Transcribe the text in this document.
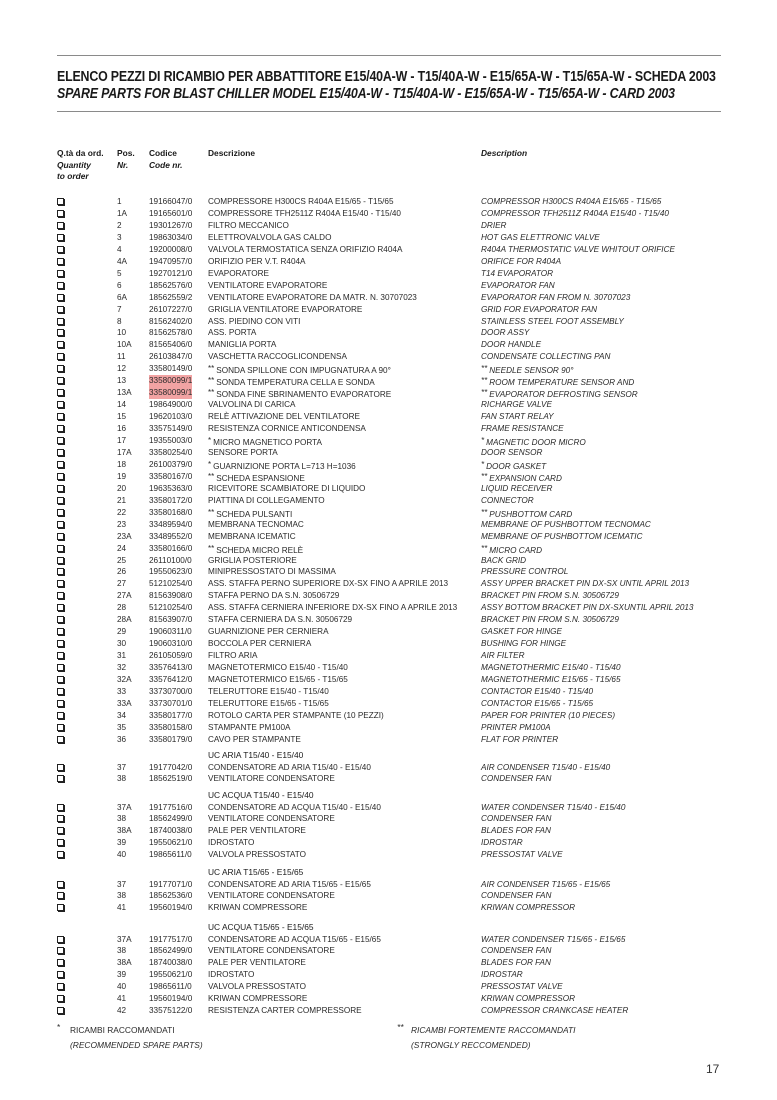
ELENCO PEZZI DI RICAMBIO PER ABBATTITORE E15/40A-W - T15/40A-W - E15/65A-W - T15/65A-W - SCHEDA 2003
SPARE PARTS FOR BLAST CHILLER MODEL E15/40A-W - T15/40A-W - E15/65A-W - T15/65A-W - CARD 2003
Q.tà da ord.
Quantity
to order
Pos.
Nr.
Codice
Code nr.
Descrizione	Description
1	19166047/0 COMPRESSORE H300CS R404A E15/65 - T15/65	COMPRESSOR H300CS R404A E15/65 - T15/65
1A	19165601/0 COMPRESSORE TFH2511Z R404A E15/40 - T15/40	COMPRESSOR TFH2511Z R404A E15/40 - T15/40
2	19301267/0 FILTRO MECCANICO	DRIER
3	19863034/0 ELETTROVALVOLA GAS CALDO	HOT GAS ELETTRONIC VALVE
4	19200008/0 VALVOLA TERMOSTATICA SENZA ORIFIZIO R404A	R404A THERMOSTATIC VALVE WHITOUT ORIFICE
4A	19470957/0 ORIFIZIO PER V.T. R404A	ORIFICE FOR R404A
5	19270121/0 EVAPORATORE	T14 EVAPORATOR
6	18562576/0 VENTILATORE EVAPORATORE	EVAPORATOR FAN
6A	18562559/2 VENTILATORE EVAPORATORE DA MATR. N. 30707023	EVAPORATOR FAN FROM N. 30707023
7	26107227/0 GRIGLIA VENTILATORE EVAPORATORE	GRID FOR EVAPORATOR FAN
8	81562402/0 ASS. PIEDINO CON VITI	STAINLESS STEEL FOOT ASSEMBLY
10	81562578/0 ASS. PORTA	DOOR ASSY
10A 81565406/0 MANIGLIA PORTA	DOOR HANDLE
11	26103847/0 VASCHETTA RACCOGLICONDENSA	CONDENSATE COLLECTING PAN
12	33580149/0 ** SONDA SPILLONE CON IMPUGNATURA A 90°	** NEEDLE SENSOR 90°
13	33580099/1 ** SONDA TEMPERATURA CELLA E SONDA	** ROOM TEMPERATURE SENSOR AND
13A 33580099/1 ** SONDA FINE SBRINAMENTO EVAPORATORE	** EVAPORATOR DEFROSTING SENSOR
14	19864900/0 VALVOLINA DI CARICA	RICHARGE VALVE
15	19620103/0 RELÈ ATTIVAZIONE DEL VENTILATORE	FAN START RELAY
16	33575149/0 RESISTENZA CORNICE ANTICONDENSA	FRAME RESISTANCE
17	19355003/0 * MICRO MAGNETICO PORTA	* MAGNETIC DOOR MICRO
17A 33580254/0 SENSORE PORTA	DOOR SENSOR
18	26100379/0 * GUARNIZIONE PORTA L=713 H=1036	* DOOR GASKET
19	33580167/0 ** SCHEDA ESPANSIONE	** EXPANSION CARD
20	19635363/0 RICEVITORE SCAMBIATORE DI LIQUIDO	LIQUID RECEIVER
21	33580172/0 PIATTINA DI COLLEGAMENTO	CONNECTOR
22	33580168/0 ** SCHEDA PULSANTI	** PUSHBOTTOM CARD
23	33489594/0 MEMBRANA TECNOMAC	MEMBRANE OF PUSHBOTTOM TECNOMAC
23A 33489552/0 MEMBRANA ICEMATIC	MEMBRANE OF PUSHBOTTOM ICEMATIC
24	33580166/0 ** SCHEDA MICRO RELÈ	** MICRO CARD
25	26110100/0 GRIGLIA POSTERIORE	BACK GRID
26	19550623/0 MINIPRESSOSTATO DI MASSIMA	PRESSURE CONTROL
27	51210254/0 ASS. STAFFA PERNO SUPERIORE DX-SX FINO A APRILE 2013	ASSY UPPER BRACKET PIN DX-SX UNTIL APRIL 2013
27A 81563908/0 STAFFA PERNO DA S.N. 30506729	BRACKET PIN FROM S.N. 30506729
28	51210254/0 ASS. STAFFA CERNIERA INFERIORE DX-SX FINO A APRILE 2013	ASSY BOTTOM BRACKET PIN DX-SXUNTIL APRIL 2013
28A 81563907/0 STAFFA CERNIERA DA S.N. 30506729	BRACKET PIN FROM S.N. 30506729
29	19060311/0 GUARNIZIONE PER CERNIERA	GASKET FOR HINGE
30	19060310/0 BOCCOLA PER CERNIERA	BUSHING FOR HINGE
31	26105059/0 FILTRO ARIA	AIR FILTER
32	33576413/0 MAGNETOTERMICO E15/40 - T15/40	MAGNETOTHERMIC E15/40 - T15/40
32A 33576412/0 MAGNETOTERMICO E15/65 - T15/65	MAGNETOTHERMIC E15/65 - T15/65
33	33730700/0 TELERUTTORE E15/40 - T15/40	CONTACTOR E15/40 - T15/40
33A 33730701/0 TELERUTTORE E15/65 - T15/65	CONTACTOR E15/65 - T15/65
34	33580177/0 ROTOLO CARTA PER STAMPANTE (10 PEZZI)	PAPER FOR PRINTER (10 PIECES)
35	33580158/0 STAMPANTE PM100A	PRINTER PM100A
36	33580179/0 CAVO PER STAMPANTE	FLAT FOR PRINTER
UC ARIA T15/40 - E15/40
37	19177042/0 CONDENSATORE AD ARIA T15/40 - E15/40	AIR CONDENSER T15/40 - E15/40
38	18562519/0 VENTILATORE CONDENSATORE	CONDENSER FAN
UC ACQUA T15/40 - E15/40
37A 19177516/0 CONDENSATORE AD ACQUA T15/40 - E15/40	WATER CONDENSER T15/40 - E15/40
38	18562499/0 VENTILATORE CONDENSATORE	CONDENSER FAN
38A 18740038/0 PALE PER VENTILATORE	BLADES FOR FAN
39	19550621/0 IDROSTATO	IDROSTAR
40	19865611/0 VALVOLA PRESSOSTATO	PRESSOSTAT VALVE
UC ARIA T15/65 - E15/65
37	19177071/0 CONDENSATORE AD ARIA T15/65 - E15/65	AIR CONDENSER T15/65 - E15/65
38	18562536/0 VENTILATORE CONDENSATORE	CONDENSER FAN
41	19560194/0 KRIWAN COMPRESSORE	KRIWAN COMPRESSOR
UC ACQUA T15/65 - E15/65
37A 19177517/0 CONDENSATORE AD ACQUA T15/65 - E15/65	WATER CONDENSER T15/65 - E15/65
38	18562499/0 VENTILATORE CONDENSATORE	CONDENSER FAN
38A 18740038/0 PALE PER VENTILATORE	BLADES FOR FAN
39	19550621/0 IDROSTATO	IDROSTAR
40	19865611/0 VALVOLA PRESSOSTATO	PRESSOSTAT VALVE
41	19560194/0 KRIWAN COMPRESSORE	KRIWAN COMPRESSOR
42	33575122/0 RESISTENZA CARTER COMPRESSORE	COMPRESSOR CRANKCASE HEATER
* RICAMBI RACCOMANDATI
(RECOMMENDED SPARE PARTS)
** RICAMBI FORTEMENTE RACCOMANDATI
(STRONGLY RECCOMENDED)
17
